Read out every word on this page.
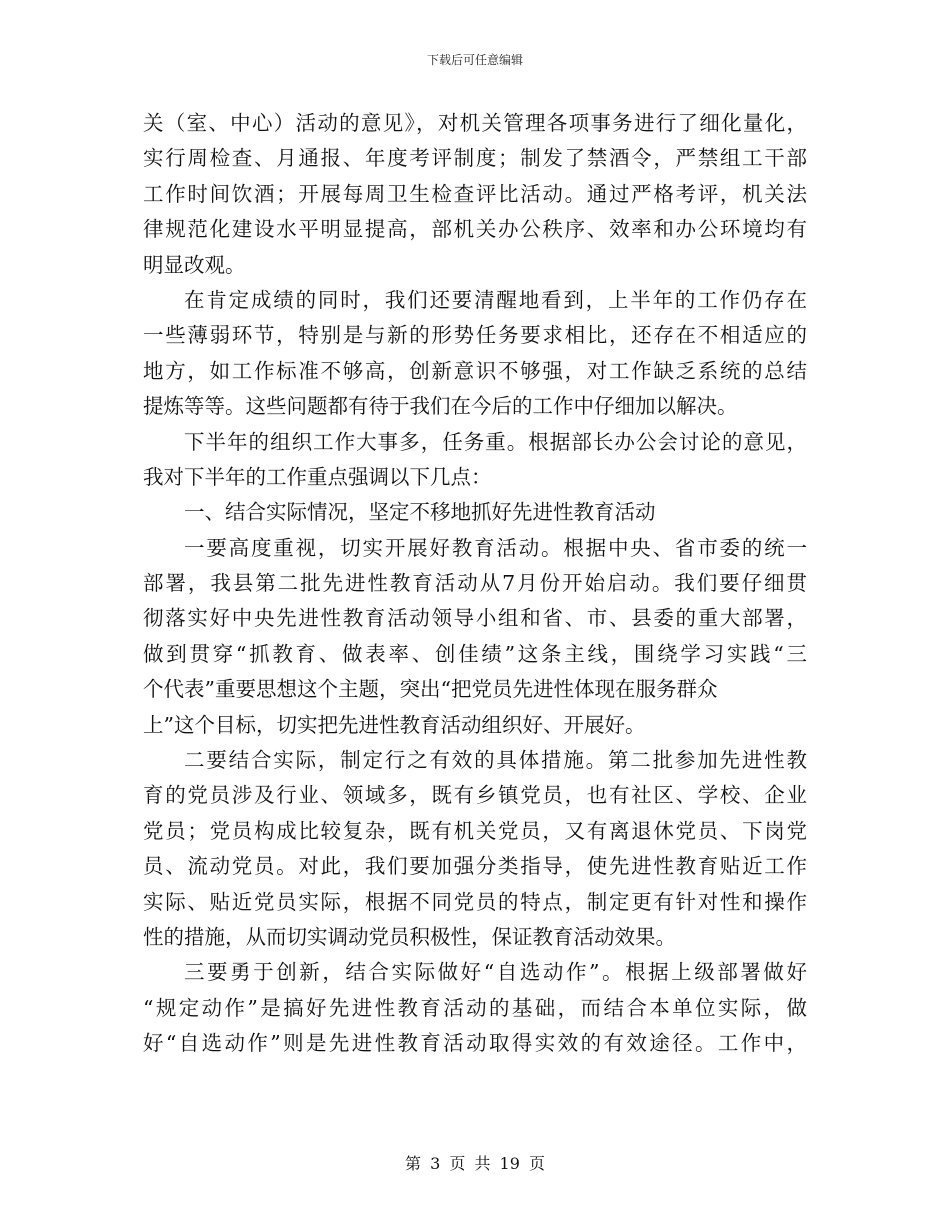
下载后可任意编辑
关（室、中心）活动的意见》，对机关管理各项事务进行了细化量化，
实行周检查、月通报、年度考评制度；制发了禁酒令，严禁组工干部
工作时间饮酒；开展每周卫生检查评比活动。通过严格考评，机关法
律规范化建设水平明显提高，部机关办公秩序、效率和办公环境均有
明显改观。
在肯定成绩的同时，我们还要清醒地看到，上半年的工作仍存在
一些薄弱环节，特别是与新的形势任务要求相比，还存在不相适应的
地方，如工作标准不够高，创新意识不够强，对工作缺乏系统的总结
提炼等等。这些问题都有待于我们在今后的工作中仔细加以解决。
下半年的组织工作大事多，任务重。根据部长办公会讨论的意见，
我对下半年的工作重点强调以下几点：
一、结合实际情况，坚定不移地抓好先进性教育活动
一要高度重视，切实开展好教育活动。根据中央、省市委的统一
部署，我县第二批先进性教育活动从7月份开始启动。我们要仔细贯
彻落实好中央先进性教育活动领导小组和省、市、县委的重大部署，
做到贯穿“抓教育、做表率、创佳绩”这条主线，围绕学习实践“三
个代表”重要思想这个主题，突出“把党员先进性体现在服务群众
上”这个目标，切实把先进性教育活动组织好、开展好。
二要结合实际，制定行之有效的具体措施。第二批参加先进性教
育的党员涉及行业、领域多，既有乡镇党员，也有社区、学校、企业
党员；党员构成比较复杂，既有机关党员，又有离退休党员、下岗党
员、流动党员。对此，我们要加强分类指导，使先进性教育贴近工作
实际、贴近党员实际，根据不同党员的特点，制定更有针对性和操作
性的措施，从而切实调动党员积极性，保证教育活动效果。
三要勇于创新，结合实际做好“自选动作”。根据上级部署做好
“规定动作”是搞好先进性教育活动的基础，而结合本单位实际，做
好“自选动作”则是先进性教育活动取得实效的有效途径。工作中，
第 3 页 共 19 页
